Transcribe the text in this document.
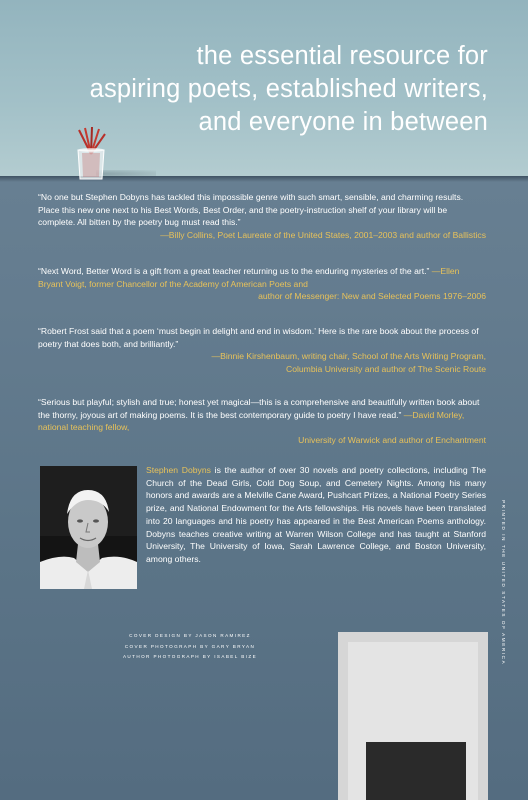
the essential resource for
aspiring poets, established writers,
and everyone in between
“No one but Stephen Dobyns has tackled this impossible genre with such smart, sensible, and charming results. Place this new one next to his Best Words, Best Order, and the poetry-instruction shelf of your library will be complete. All bitten by the poetry bug must read this.”
—Billy Collins, Poet Laureate of the United States, 2001–2003 and author of Ballistics
“Next Word, Better Word is a gift from a great teacher returning us to the enduring mysteries of the art.” —Ellen Bryant Voigt, former Chancellor of the Academy of American Poets and
author of Messenger: New and Selected Poems 1976–2006
“Robert Frost said that a poem ‘must begin in delight and end in wisdom.’ Here is the rare book about the process of poetry that does both, and brilliantly.”
—Binnie Kirshenbaum, writing chair, School of the Arts Writing Program,
Columbia University and author of The Scenic Route
“Serious but playful; stylish and true; honest yet magical—this is a comprehensive and beautifully written book about the thorny, joyous art of making poems. It is the best contemporary guide to poetry I have read.” —David Morley, national teaching fellow,
University of Warwick and author of Enchantment
Stephen Dobyns is the author of over 30 novels and poetry collections, including The Church of the Dead Girls, Cold Dog Soup, and Cemetery Nights. Among his many honors and awards are a Melville Cane Award, Pushcart Prizes, a National Poetry Series prize, and National Endowment for the Arts fellowships. His novels have been translated into 20 languages and his poetry has appeared in the Best American Poems anthology. Dobyns teaches creative writing at Warren Wilson College and has taught at Stanford University, The University of Iowa, Sarah Lawrence College, and Boston University, among others.
COVER DESIGN BY JASON RAMIREZ
COVER PHOTOGRAPH BY GARY BRYAN
AUTHOR PHOTOGRAPH BY ISABEL BIZE	PRINTED IN THE UNITED STATES OF AMERICA
